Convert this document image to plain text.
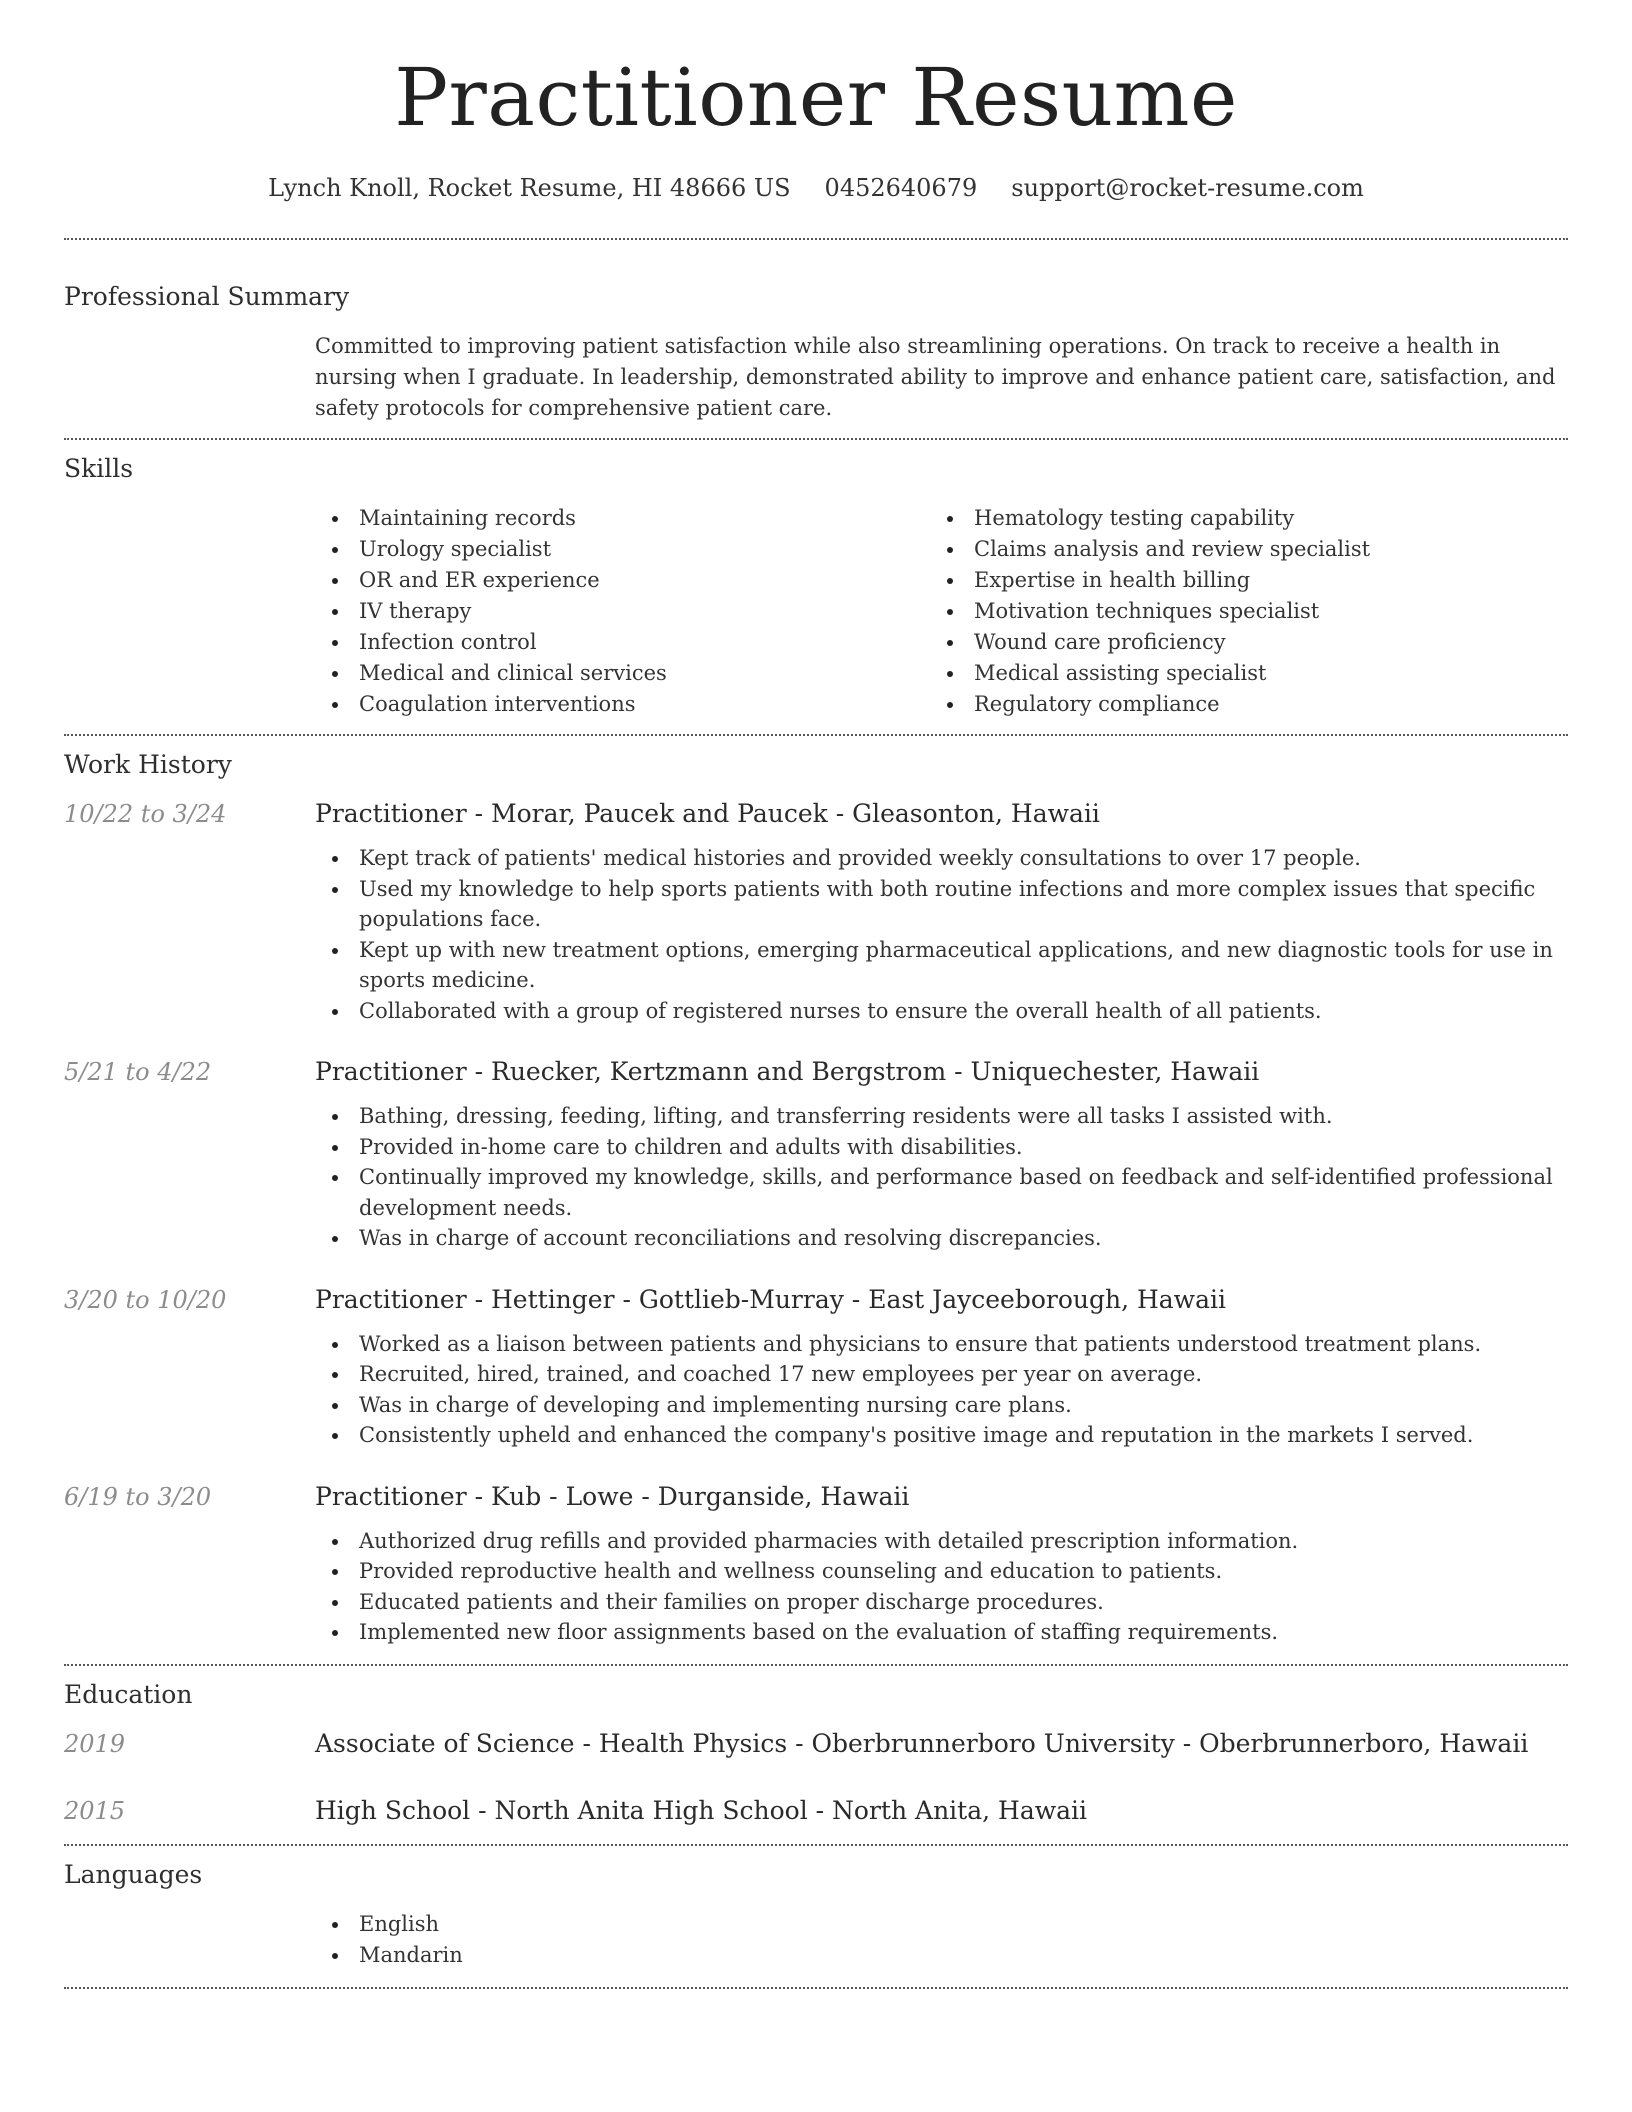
Practitioner Resume
Lynch Knoll, Rocket Resume, HI 48666 US 0452640679 support@rocket-resume.com
Professional Summary
Committed to improving patient satisfaction while also streamlining operations. On track to receive a health in nursing when I graduate. In leadership, demonstrated ability to improve and enhance patient care, satisfaction, and safety protocols for comprehensive patient care.
Skills
Maintaining records
Urology specialist
OR and ER experience
IV therapy
Infection control
Medical and clinical services
Coagulation interventions
Hematology testing capability
Claims analysis and review specialist
Expertise in health billing
Motivation techniques specialist
Wound care proficiency
Medical assisting specialist
Regulatory compliance
Work History
10/22 to 3/24	Practitioner - Morar, Paucek and Paucek - Gleasonton, Hawaii
Kept track of patients' medical histories and provided weekly consultations to over 17 people.
Used my knowledge to help sports patients with both routine infections and more complex issues that specific populations face.
Kept up with new treatment options, emerging pharmaceutical applications, and new diagnostic tools for use in sports medicine.
Collaborated with a group of registered nurses to ensure the overall health of all patients.
5/21 to 4/22	Practitioner - Ruecker, Kertzmann and Bergstrom - Uniquechester, Hawaii
Bathing, dressing, feeding, lifting, and transferring residents were all tasks I assisted with.
Provided in-home care to children and adults with disabilities.
Continually improved my knowledge, skills, and performance based on feedback and self-identified professional development needs.
Was in charge of account reconciliations and resolving discrepancies.
3/20 to 10/20	Practitioner - Hettinger - Gottlieb-Murray - East Jayceeborough, Hawaii
Worked as a liaison between patients and physicians to ensure that patients understood treatment plans.
Recruited, hired, trained, and coached 17 new employees per year on average.
Was in charge of developing and implementing nursing care plans.
Consistently upheld and enhanced the company's positive image and reputation in the markets I served.
6/19 to 3/20	Practitioner - Kub - Lowe - Durganside, Hawaii
Authorized drug refills and provided pharmacies with detailed prescription information.
Provided reproductive health and wellness counseling and education to patients.
Educated patients and their families on proper discharge procedures.
Implemented new floor assignments based on the evaluation of staffing requirements.
Education
2019	Associate of Science - Health Physics - Oberbrunnerboro University - Oberbrunnerboro, Hawaii
2015	High School - North Anita High School - North Anita, Hawaii
Languages
English
Mandarin
